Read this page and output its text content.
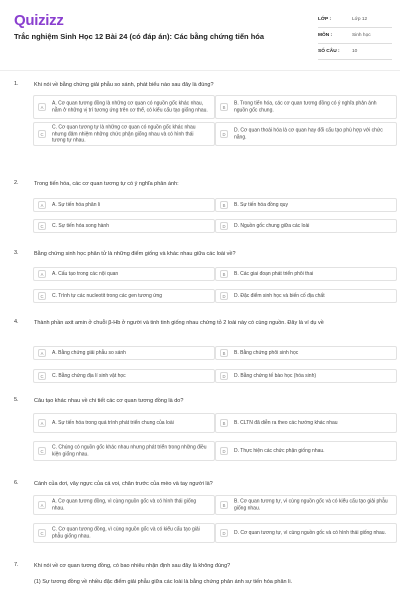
Quizizz
Trắc nghiệm Sinh Học 12 Bài 24 (có đáp án): Các bằng chứng tiến hóa
LỚP :	Lớp 12
MÔN :	Sinh học
SỐ CÂU :	10
1.	Khi nói về bằng chứng giải phẫu so sánh, phát biểu nào sau đây là đúng?
A
A. Cơ quan tương đồng là những cơ quan có nguồn gốc khác nhau, nằm ở những vị trí tương ứng trên cơ thể, có kiểu cấu tạo giống nhau.	B
B. Trong tiến hóa, các cơ quan tương đồng có ý nghĩa phản ánh nguồn gốc chung.
C
C. Cơ quan tương tự là những cơ quan có nguồn gốc khác nhau nhưng đảm nhiệm những chức phận giống nhau và có hình thái tương tự nhau.
D
D. Cơ quan thoái hóa là cơ quan hay đổi cấu tạo phù hợp với chức năng.
2.	Trong tiến hóa, các cơ quan tương tự có ý nghĩa phản ánh:
A	A. Sự tiến hóa phân li	B	B. Sự tiến hóa đồng quy
C	C. Sự tiến hóa song hành	D	D. Nguồn gốc chung giữa các loài
3.	Bằng chứng sinh học phân tử là những điểm giống và khác nhau giữa các loài về?
A	A. Cấu tạo trong các nội quan	B	B. Các giai đoạn phát triển phôi thai
C	C. Trình tự các nucleotit trong các gen tương ứng	D	D. Đặc điểm sinh học và biến cố địa chất
4.	Thành phần axit amin ở chuỗi β-Hb ở người và tinh tinh giống nhau chứng tỏ 2 loài này có cùng nguồn. Đây là ví dụ về
A	A. Bằng chứng giải phẫu so sánh	B	B. Bằng chứng phôi sinh học
C	C. Bằng chứng địa lí sinh vật học	D	D. Bằng chứng tế bào học (hóa sinh)
5.	Câu tạo khác nhau về chi tiết các cơ quan tương đồng là do?
A	A. Sự tiến hóa trong quá trình phát triển chung của loài	B	B. CLTN đã diễn ra theo các hướng khác nhau
C
C. Chúng có nguồn gốc khác nhau nhưng phát triển trong những điều kiện giống nhau.	D	D. Thực hiện các chức phận giống nhau.
6.	Cánh của dơi, vây ngực của cá voi, chân trước của mèo và tay người là?
A
A. Cơ quan tương đồng, vì cùng nguồn gốc và có hình thái giống nhau.	B
B. Cơ quan tương tự, vì cùng nguồn gốc và có kiểu cấu tạo giải phẫu giống nhau.
C
C. Cơ quan tương đồng, vì cùng nguồn gốc và có kiểu cấu tạo giải phẫu giống nhau.	D	D. Cơ quan tương tự, vì cùng nguồn gốc và có hình thái giống nhau.
7.	Khi nói về cơ quan tương đồng, có bao nhiêu nhận định sau đây là không đúng?
(1) Sự tương đồng về nhiều đặc điểm giải phẫu giữa các loài là bằng chứng phản ánh sự tiến hóa phân li.
